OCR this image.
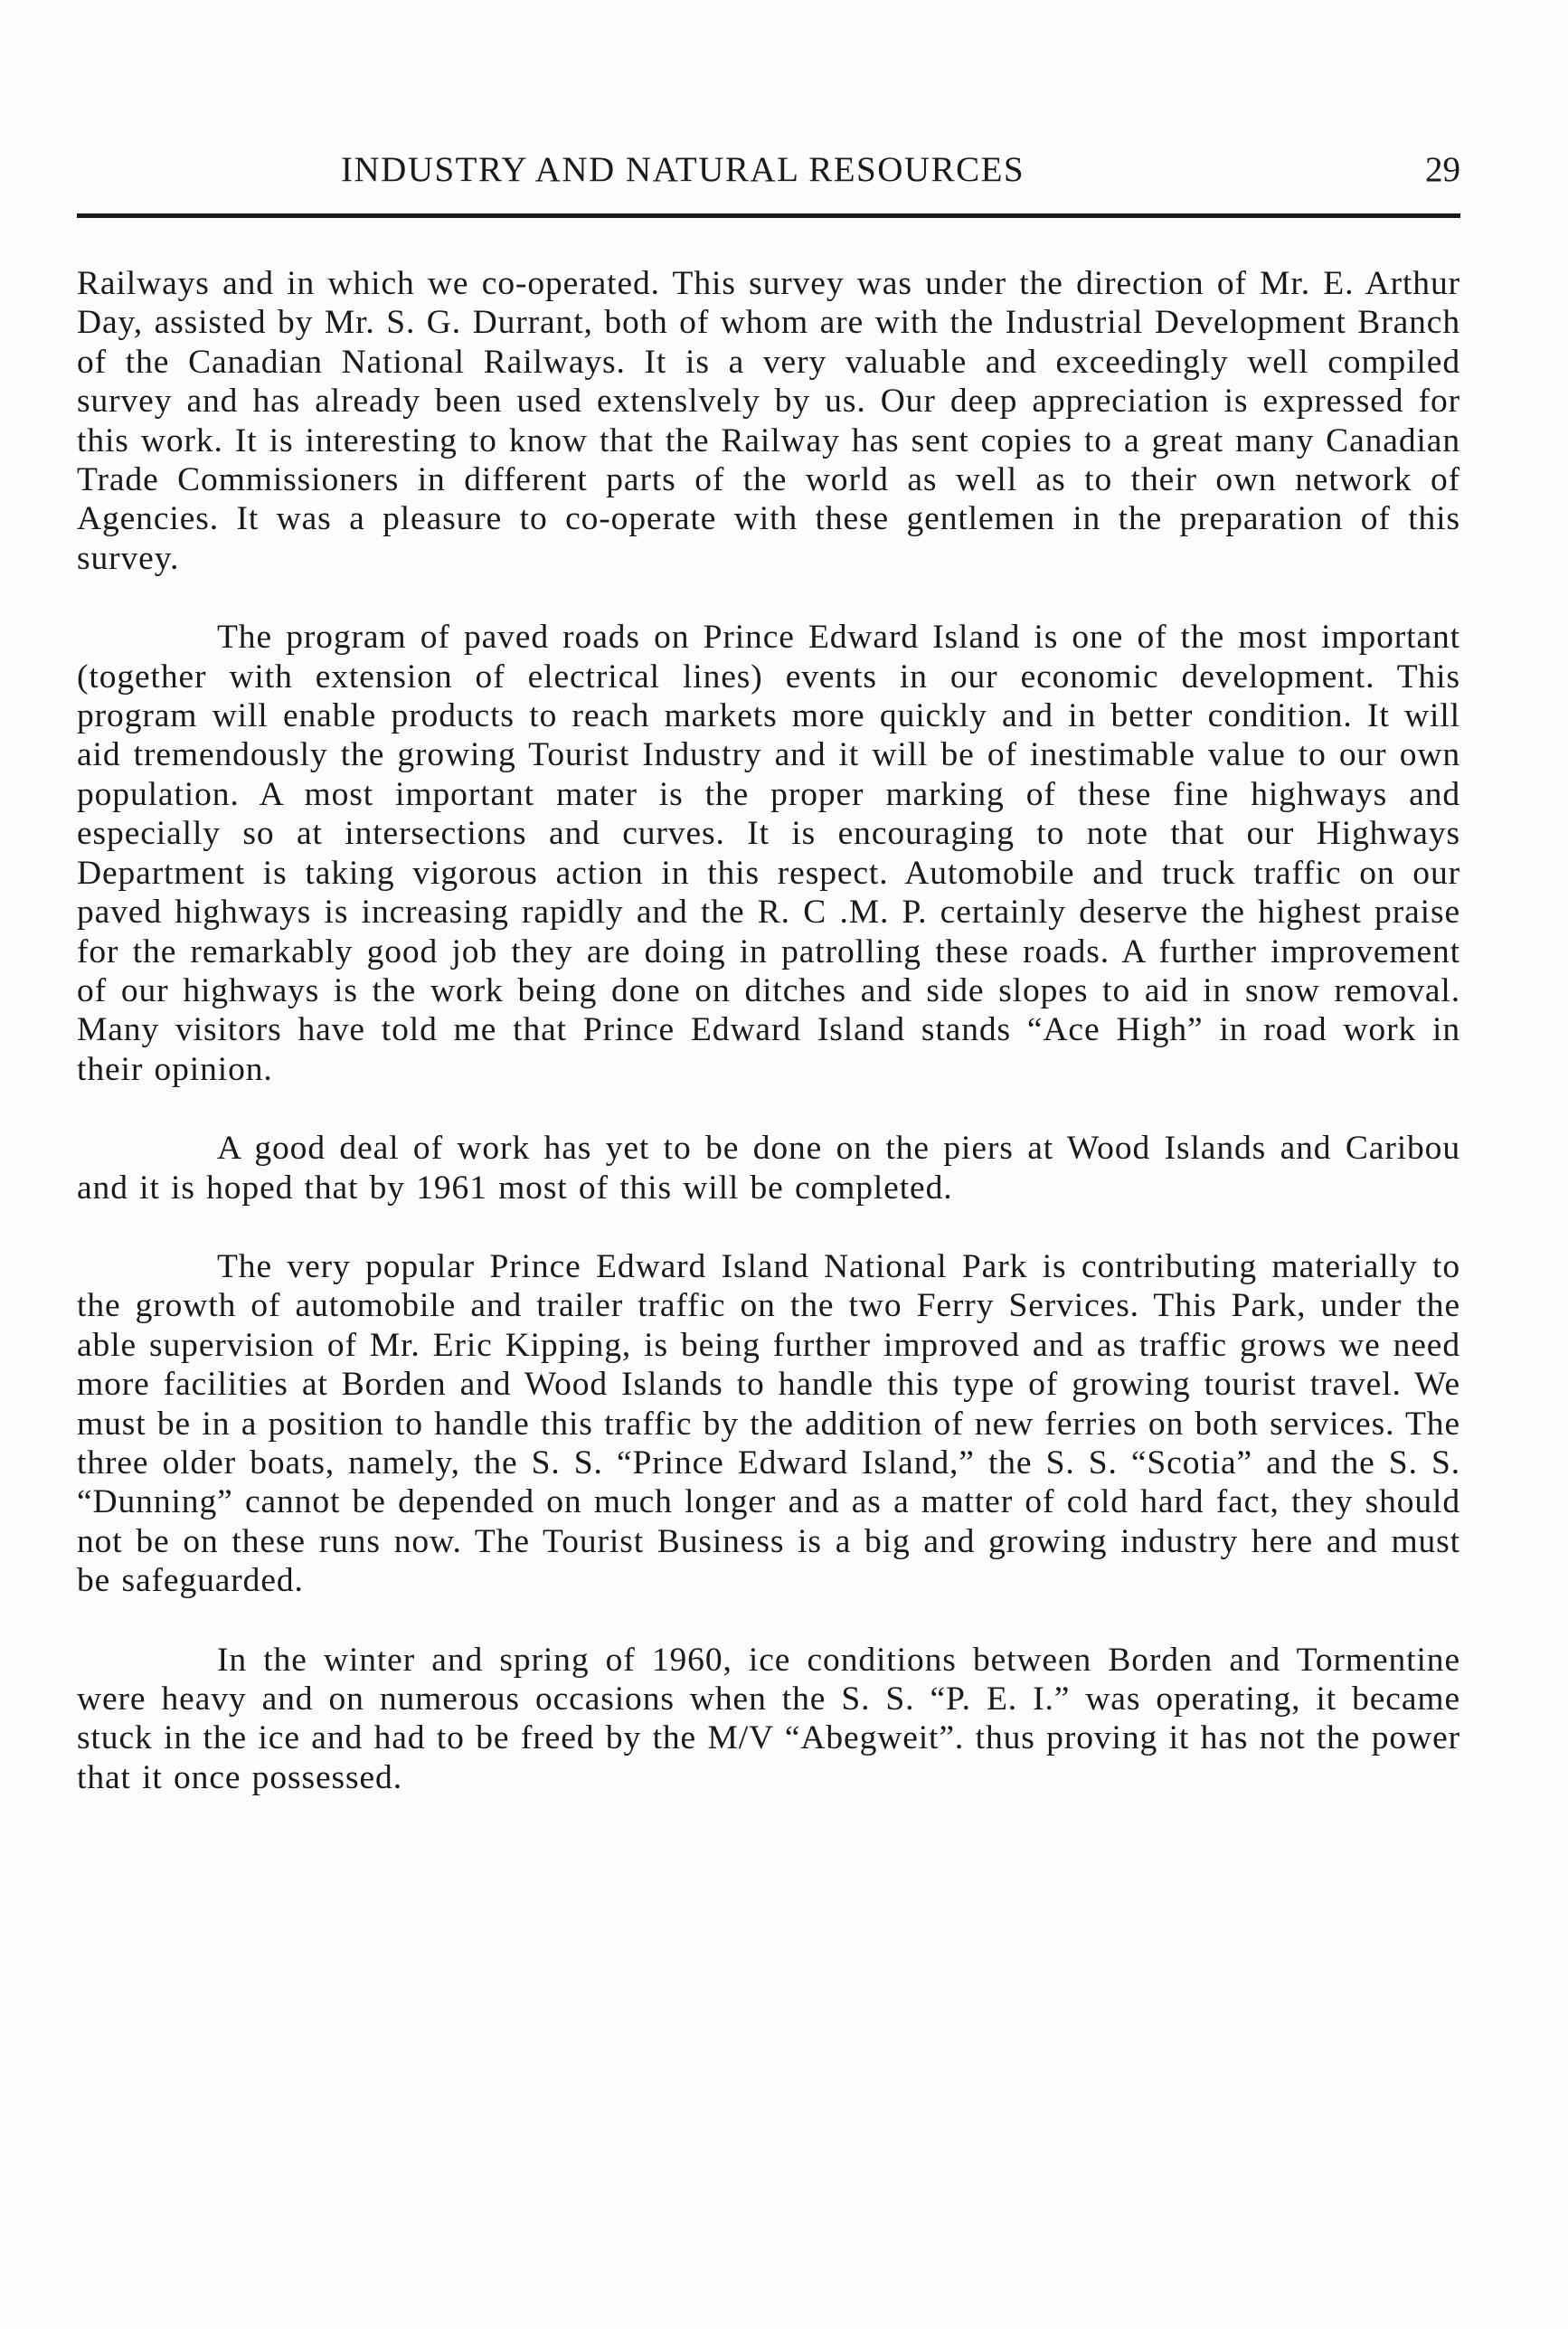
INDUSTRY AND NATURAL RESOURCES	29

Railways and in which we co-operated. This survey was under the direction of Mr. E. Arthur Day, assisted by Mr. S. G. Durrant, both of whom are with the Industrial Development Branch of the Canadian National Railways. It is a very valuable and exceedingly well compiled survey and has already been used extenslvely by us. Our deep appreciation is expressed for this work. It is interesting to know that the Railway has sent copies to a great many Canadian Trade Commissioners in different parts of the world as well as to their own network of Agencies. It was a pleasure to co-operate with these gentlemen in the preparation of this survey.

The program of paved roads on Prince Edward Island is one of the most important (together with extension of electrical lines) events in our economic development. This program will enable products to reach markets more quickly and in better condition. It will aid tremendously the growing Tourist Industry and it will be of inestimable value to our own population. A most important mater is the proper marking of these fine highways and especially so at intersections and curves. It is encouraging to note that our Highways Department is taking vigorous action in this respect. Automobile and truck traffic on our paved highways is increasing rapidly and the R. C .M. P. certainly deserve the highest praise for the remarkably good job they are doing in patrolling these roads. A further improvement of our highways is the work being done on ditches and side slopes to aid in snow removal. Many visitors have told me that Prince Edward Island stands “Ace High” in road work in their opinion.

A good deal of work has yet to be done on the piers at Wood Islands and Caribou and it is hoped that by 1961 most of this will be completed.

The very popular Prince Edward Island National Park is contributing materially to the growth of automobile and trailer traffic on the two Ferry Services. This Park, under the able supervision of Mr. Eric Kipping, is being further improved and as traffic grows we need more facilities at Borden and Wood Islands to handle this type of growing tourist travel. We must be in a position to handle this traffic by the addition of new ferries on both services. The three older boats, namely, the S. S. “Prince Edward Island,” the S. S. “Scotia” and the S. S. “Dunning” cannot be depended on much longer and as a matter of cold hard fact, they should not be on these runs now. The Tourist Business is a big and growing industry here and must be safeguarded.

In the winter and spring of 1960, ice conditions between Borden and Tormentine were heavy and on numerous occasions when the S. S. “P. E. I.” was operating, it became stuck in the ice and had to be freed by the M/V “Abegweit”. thus proving it has not the power that it once possessed.
